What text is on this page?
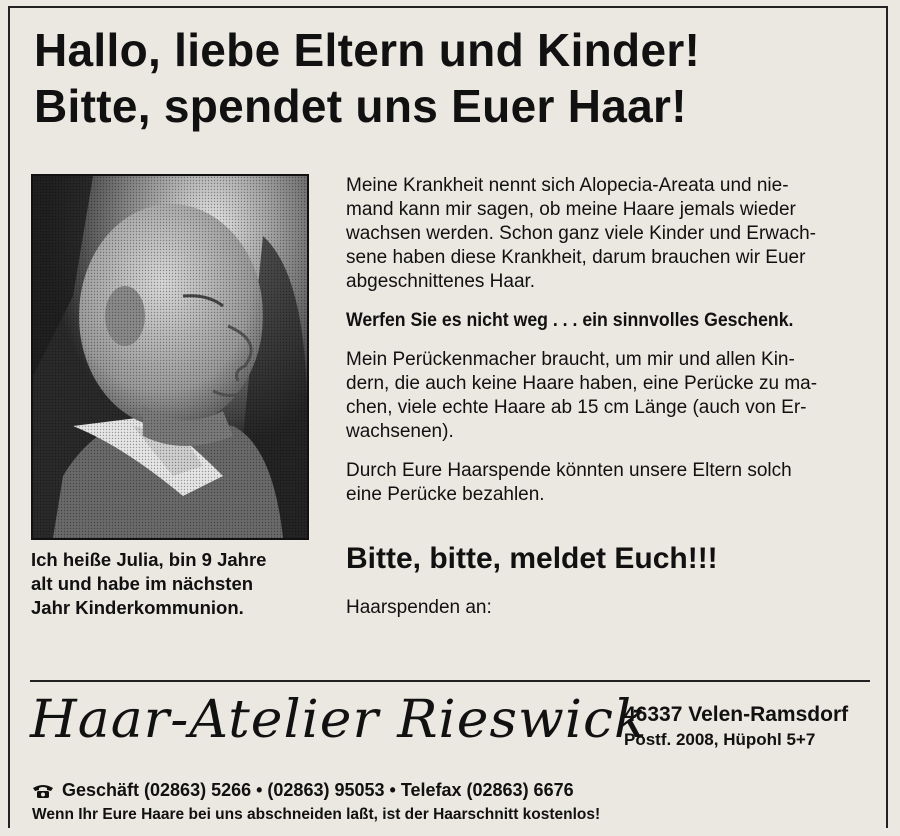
Hallo, liebe Eltern und Kinder!
Bitte, spendet uns Euer Haar!

Ich heiße Julia, bin 9 Jahre
alt und habe im nächsten
Jahr Kinderkommunion.

Meine Krankheit nennt sich Alopecia-Areata und nie-
mand kann mir sagen, ob meine Haare jemals wieder
wachsen werden. Schon ganz viele Kinder und Erwach-
sene haben diese Krankheit, darum brauchen wir Euer
abgeschnittenes Haar.

Werfen Sie es nicht weg . . . ein sinnvolles Geschenk.

Mein Perückenmacher braucht, um mir und allen Kin-
dern, die auch keine Haare haben, eine Perücke zu ma-
chen, viele echte Haare ab 15 cm Länge (auch von Er-
wachsenen).

Durch Eure Haarspende könnten unsere Eltern solch
eine Perücke bezahlen.

Bitte, bitte, meldet Euch!!!
Haarspenden an:
Haar-Atelier Rieswick
46337 Velen-Ramsdorf
Postf. 2008, Hüpohl 5+7
Geschäft (02863) 5266 • (02863) 95053 • Telefax (02863) 6676
Wenn Ihr Eure Haare bei uns abschneiden laßt, ist der Haarschnitt kostenlos!
